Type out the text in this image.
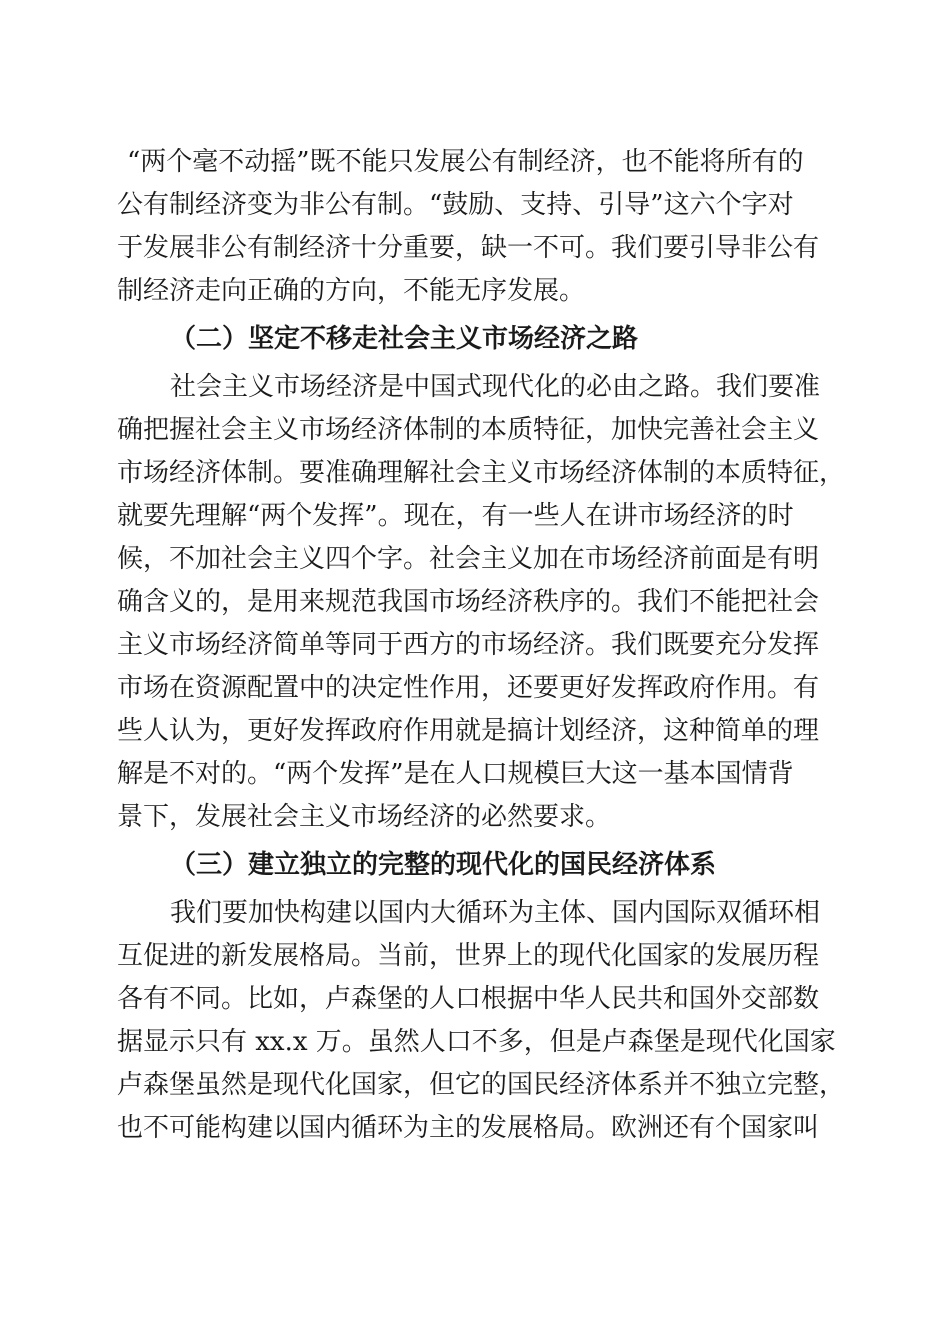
“两个毫不动摇”既不能只发展公有制经济，也不能将所有的
公有制经济变为非公有制。“鼓励、支持、引导”这六个字对
于发展非公有制经济十分重要，缺一不可。我们要引导非公有
制经济走向正确的方向，不能无序发展。
（二）坚定不移走社会主义市场经济之路
社会主义市场经济是中国式现代化的必由之路。我们要准
确把握社会主义市场经济体制的本质特征，加快完善社会主义
市场经济体制。要准确理解社会主义市场经济体制的本质特征，
就要先理解“两个发挥”。现在，有一些人在讲市场经济的时
候，不加社会主义四个字。社会主义加在市场经济前面是有明
确含义的，是用来规范我国市场经济秩序的。我们不能把社会
主义市场经济简单等同于西方的市场经济。我们既要充分发挥
市场在资源配置中的决定性作用，还要更好发挥政府作用。有
些人认为，更好发挥政府作用就是搞计划经济，这种简单的理
解是不对的。“两个发挥”是在人口规模巨大这一基本国情背
景下，发展社会主义市场经济的必然要求。
（三）建立独立的完整的现代化的国民经济体系
我们要加快构建以国内大循环为主体、国内国际双循环相
互促进的新发展格局。当前，世界上的现代化国家的发展历程
各有不同。比如，卢森堡的人口根据中华人民共和国外交部数
据显示只有 xx.x 万。虽然人口不多，但是卢森堡是现代化国家
卢森堡虽然是现代化国家，但它的国民经济体系并不独立完整，
也不可能构建以国内循环为主的发展格局。欧洲还有个国家叫
